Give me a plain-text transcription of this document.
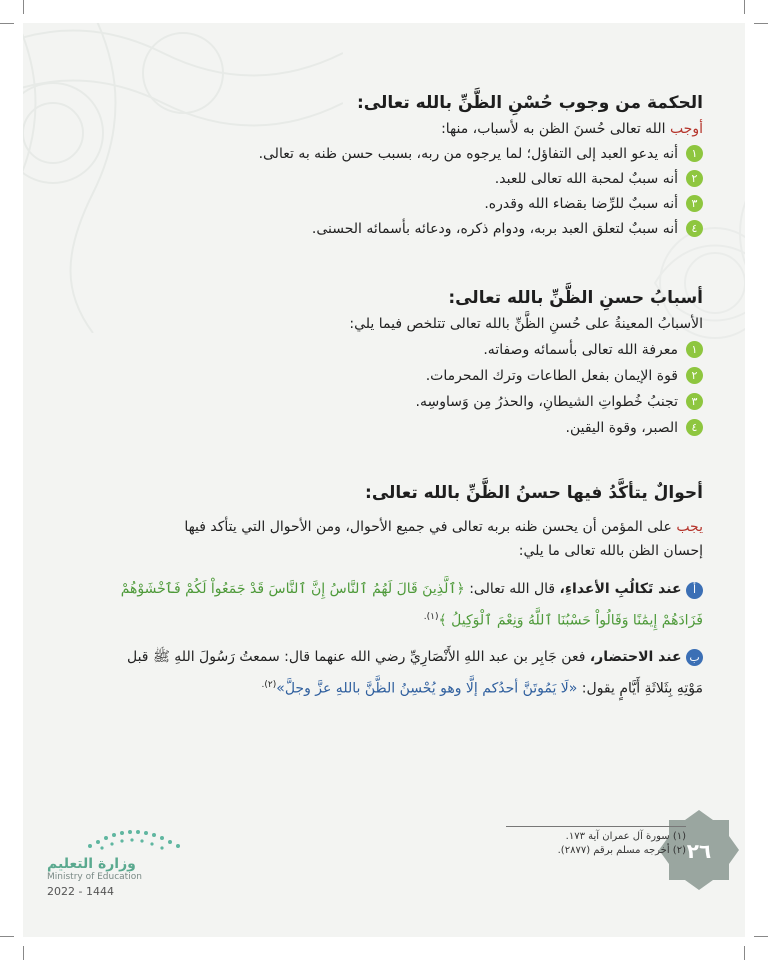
الحكمة من وجوب حُسْنِ الظَّنِّ بالله تعالى:
أوجب الله تعالى حُسنَ الظن به لأسباب، منها:
١
أنه يدعو العبد إلى التفاؤل؛ لما يرجوه من ربه، بسبب حسن ظنه به تعالى.
٢
أنه سببٌ لمحبة الله تعالى للعبد.
٣
أنه سببٌ للرِّضا بقضاء الله وقدره.
٤
أنه سببٌ لتعلق العبد بربه، ودوام ذكره، ودعائه بأسمائه الحسنى.
أسبابُ حسنِ الظَّنِّ بالله تعالى:
الأسبابُ المعينةُ على حُسنِ الظَّنِّ بالله تعالى تتلخص فيما يلي:
١
معرفة الله تعالى بأسمائه وصفاته.
٢
قوة الإيمان بفعل الطاعات وترك المحرمات.
٣
تجنبُ خُطواتِ الشيطانِ، والحذرُ مِن وَساوسِه.
٤
الصبر، وقوة اليقين.
أحوالٌ يتأكَّدُ فيها حسنُ الظَّنِّ بالله تعالى:
يجب على المؤمن أن يحسن ظنه بربه تعالى في جميع الأحوال، ومن الأحوال التي يتأكد فيها
إحسان الظن بالله تعالى ما يلي:
أ عند تَكالُبِ الأعداءِ، قال الله تعالى: ﴿ٱلَّذِينَ قَالَ لَهُمُ ٱلنَّاسُ إِنَّ ٱلنَّاسَ قَدْ جَمَعُواْ لَكُمْ فَٱخْشَوْهُمْ
فَزَادَهُمْ إِيمَٰنًا وَقَالُواْ حَسْبُنَا ٱللَّهُ وَنِعْمَ ٱلْوَكِيلُ ﴾$^{(١).}$
ب عند الاحتضار، فعن جَابِر بن عبد اللهِ الأَنْصَارِيِّ رضي الله عنهما قال: سمعتُ رَسُولَ اللهِ ﷺ قبل
مَوْتِهِ بِثَلاثَةِ أَيَّامٍ يقول: «لَا يَمُوتَنَّ أحدُكم إلَّا وهو يُحْسِنُ الظَّنَّ باللهِ عزَّ وجلَّ»$^{(٢).}$
٢٦
(١) سورة آل عمران آية ١٧٣.
(٢) أخرجه مسلم برقم (٢٨٧٧).
وزارة التعليم
Ministry of Education
2022 - 1444
